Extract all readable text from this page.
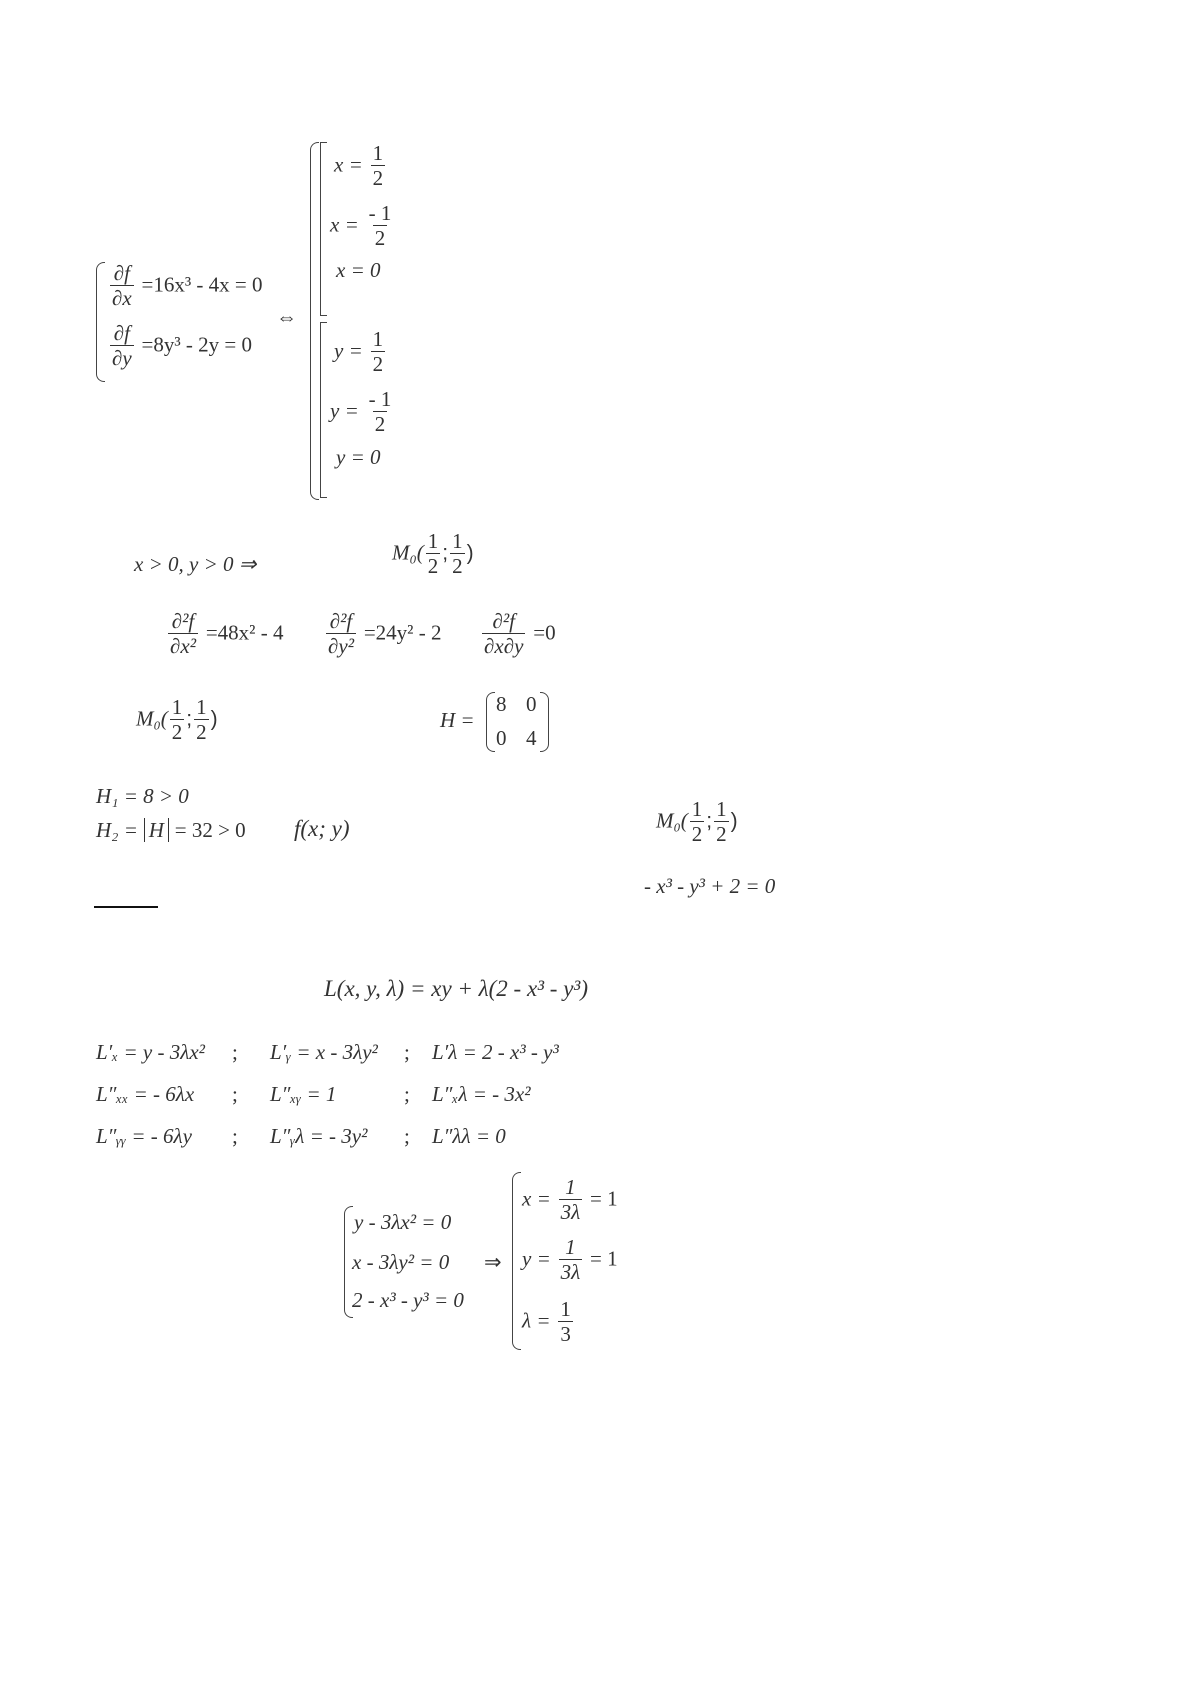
$\frac{\partial f}{\partial x} =16x^3 - 4x = 0$
$\frac{\partial f}{\partial y} =8y^3 - 2y = 0$
⇔
$x = \frac{1}{2}$
$x = \frac{- 1}{2}$
x = 0
$y = \frac{1}{2}$
$y = \frac{- 1}{2}$
y = 0
x > 0, y > 0 ⇒	$M_0( \frac{1}{2}$ ; $\frac{1}{2}$ )
$\frac{\text{∂²f}}{\text{∂x²}} =48x^2 - 4 \frac{\text{∂²f}}{\text{∂y²}} =24y^2 - 2 \frac{\text{∂²f}}{\partial x\partial y} =0$
$M_0( \frac{1}{2}$ ; $\frac{1}{2}$ )	H =
8 0
0 4
H₁ = 8 > 0
H₂ = H = 32 > 0 f(x; y)	$M_0( \frac{1}{2}$ ; $\frac{1}{2}$ )
- x³ - y³ + 2 = 0
L(x, y, λ) = xy + λ(2 - x³ - y³)
L′ₓ = y - 3λx² ; L′ᵧ = x - 3λy² ; L′λ = 2 - x³ - y³
L″ₓₓ = - 6λx ; L″ₓᵧ = 1	; L″ₓλ = - 3x²
L″ᵧᵧ = - 6λy ; L″ᵧλ = - 3y² ; L″λλ = 0
y - 3λx² = 0
x - 3λy² = 0
2 - x³ - y³ = 0
⇒
$x = \frac{1}{3\lambda} = 1$
$y = \frac{1}{3\lambda} = 1$
$\lambda = \frac{1}{3}$
